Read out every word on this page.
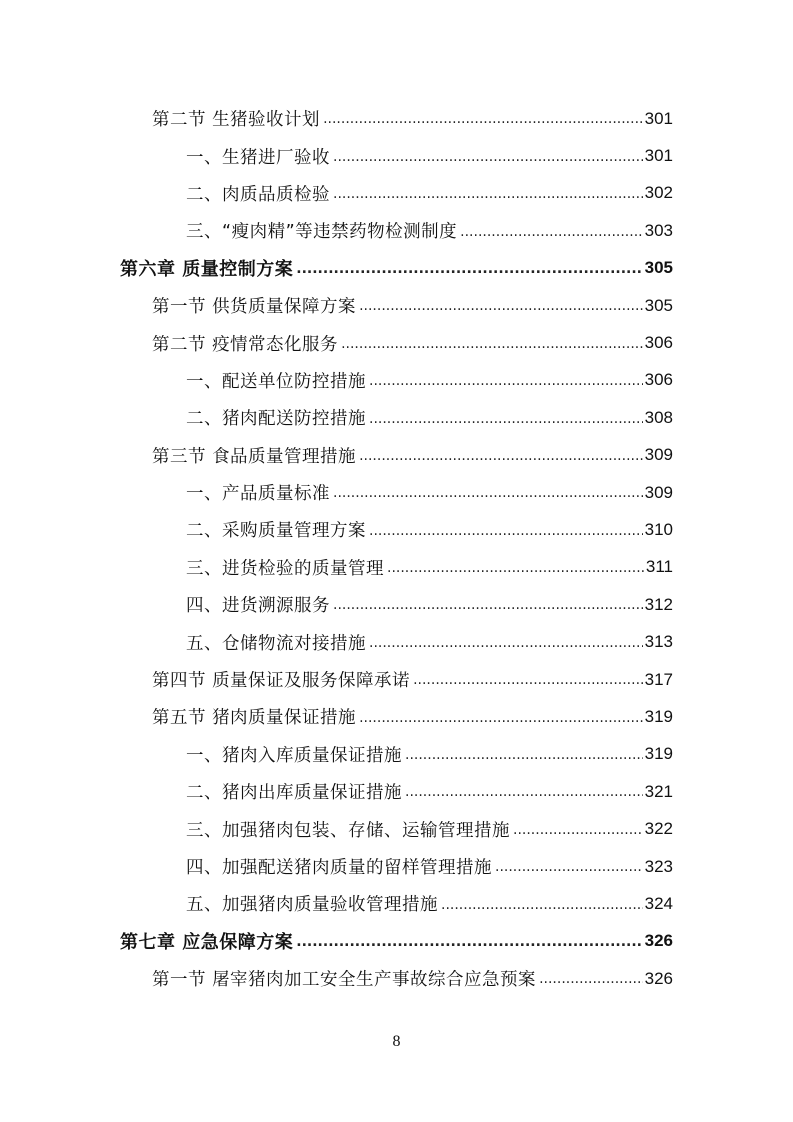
第二节 生猪验收计划 .....	301
一、生猪进厂验收 .....	301
二、肉质品质检验 .....	302
三、“瘦肉精”等违禁药物检测制度 .....	303
第六章 质量控制方案 .....	305
第一节 供货质量保障方案 .....	305
第二节 疫情常态化服务 .....	306
一、配送单位防控措施 .....	306
二、猪肉配送防控措施 .....	308
第三节 食品质量管理措施 .....	309
一、产品质量标准 .....	309
二、采购质量管理方案 .....	310
三、进货检验的质量管理 .....	311
四、进货溯源服务 .....	312
五、仓储物流对接措施 .....	313
第四节 质量保证及服务保障承诺 .....	317
第五节 猪肉质量保证措施 .....	319
一、猪肉入库质量保证措施 .....	319
二、猪肉出库质量保证措施 .....	321
三、加强猪肉包装、存储、运输管理措施 .....	322
四、加强配送猪肉质量的留样管理措施 .....	323
五、加强猪肉质量验收管理措施 .....	324
第七章 应急保障方案 .....	326
第一节 屠宰猪肉加工安全生产事故综合应急预案 .....	326
8
